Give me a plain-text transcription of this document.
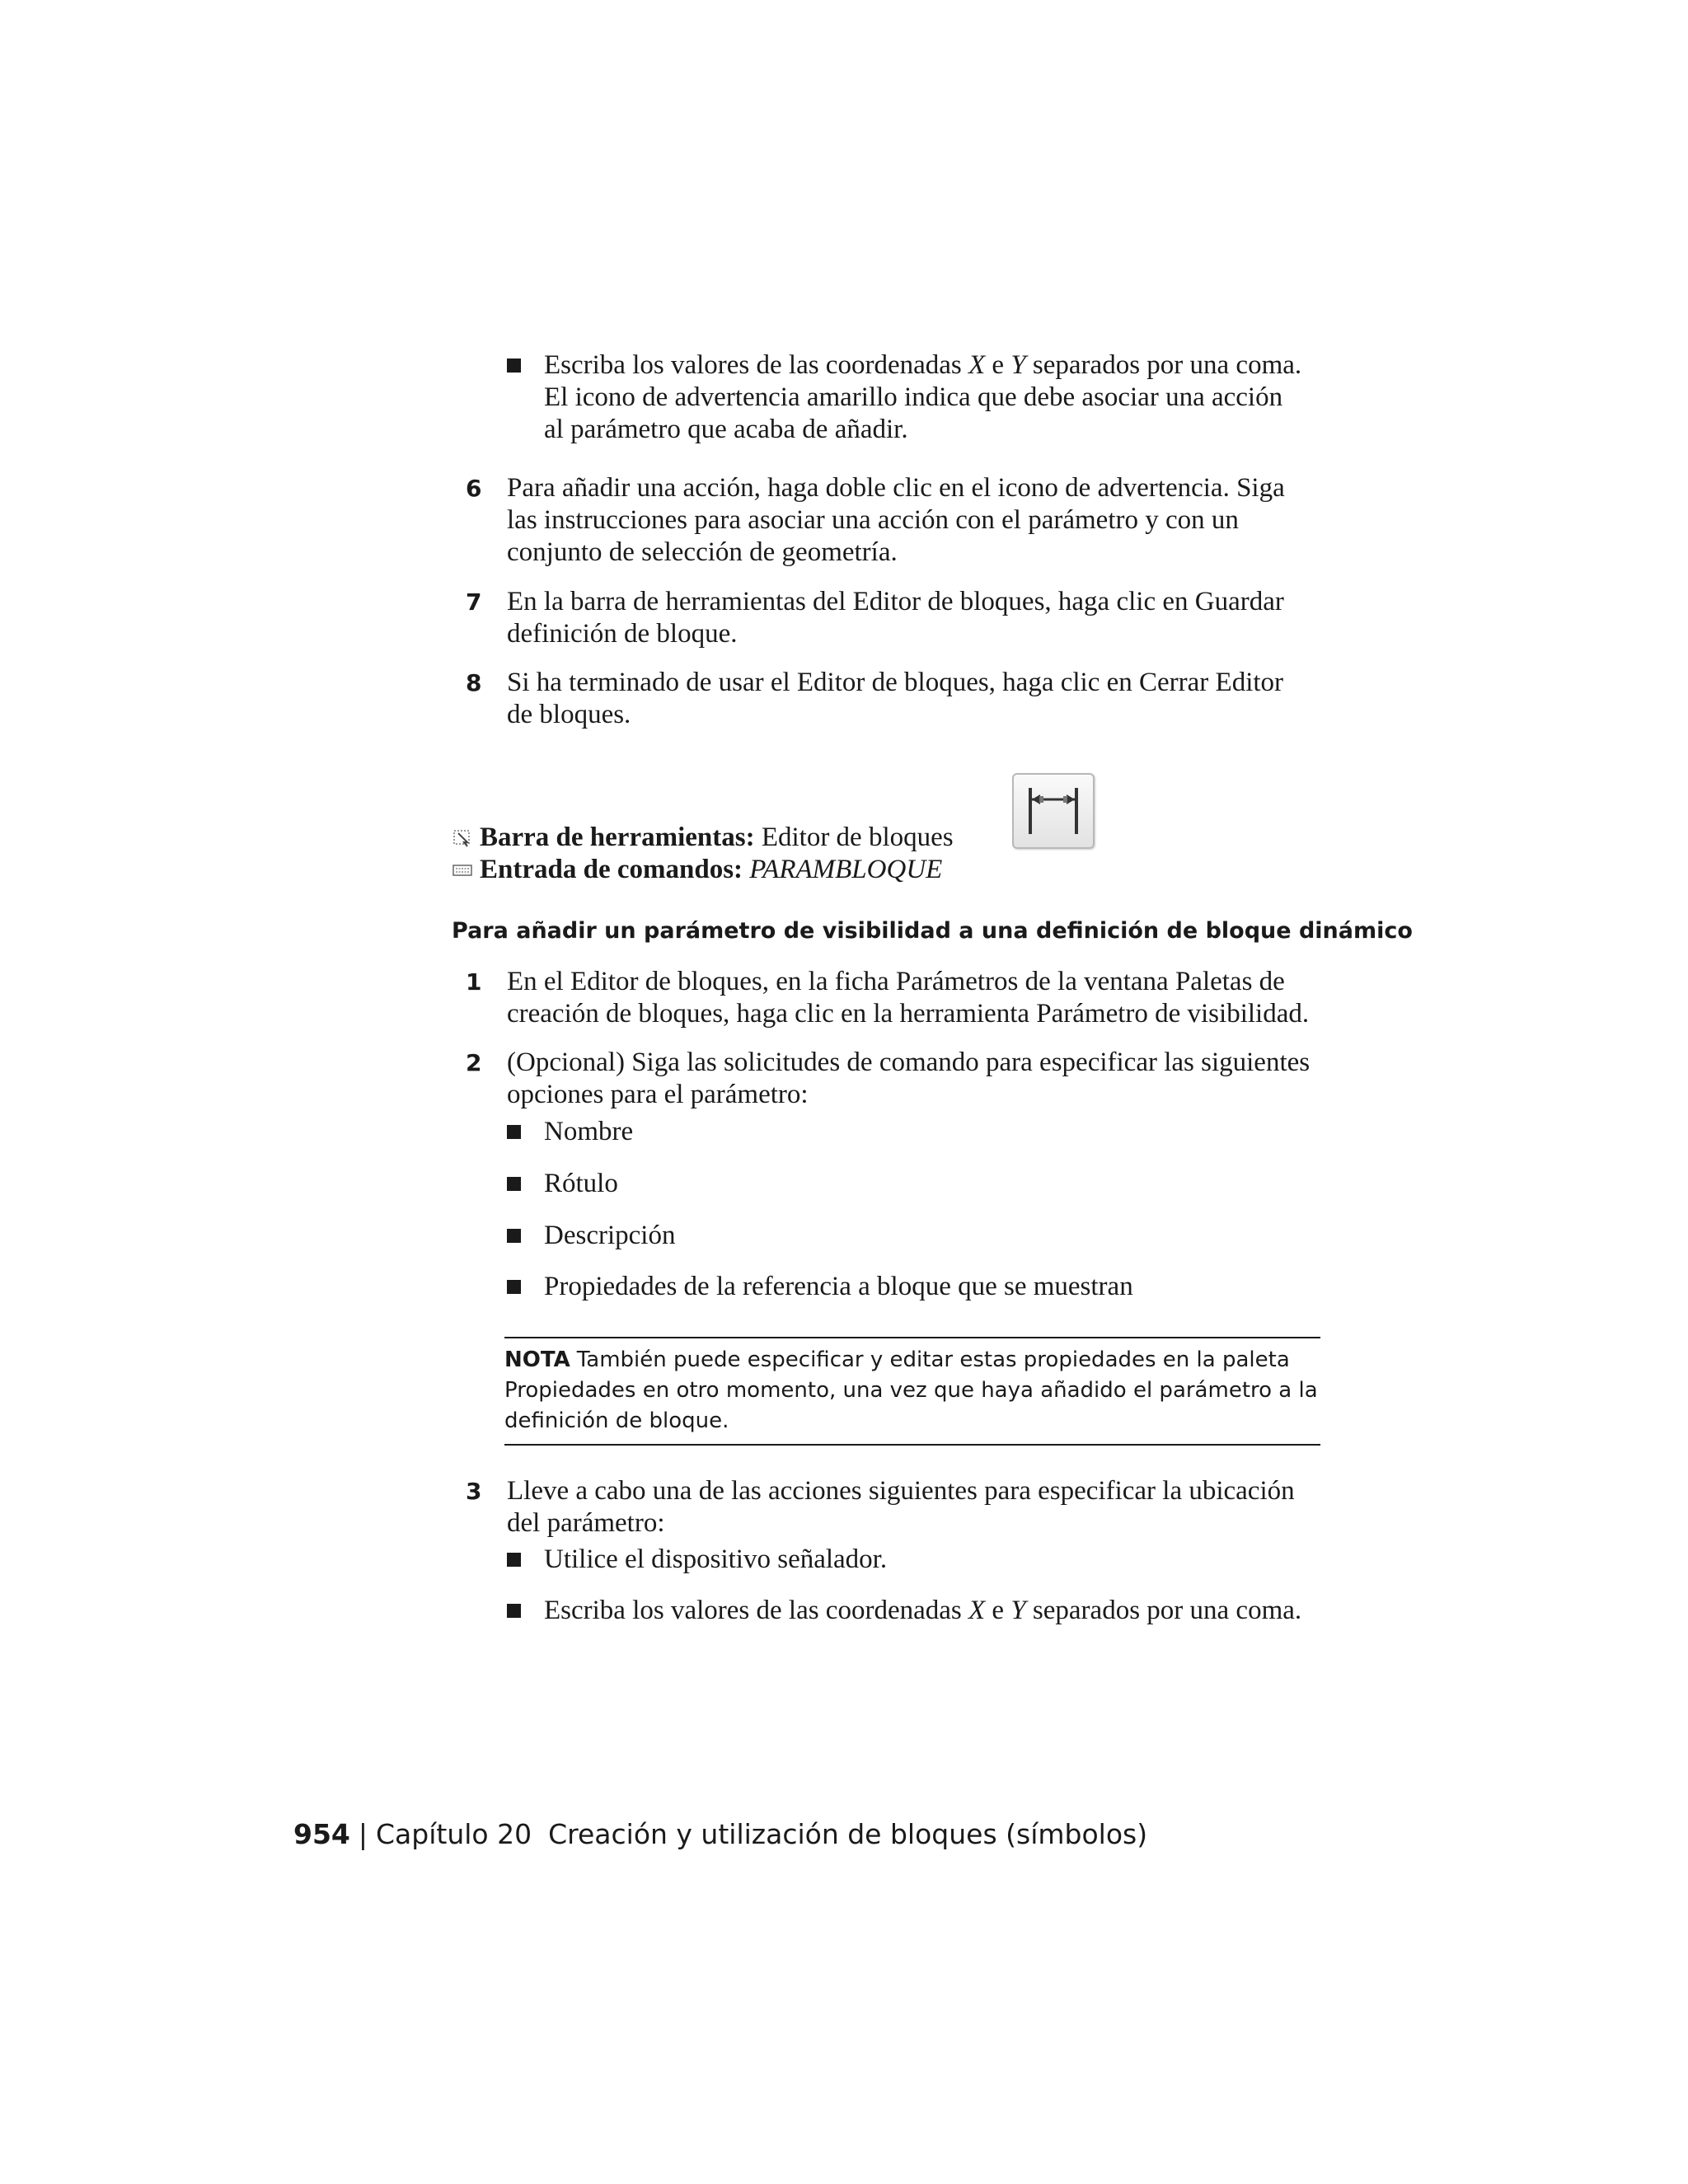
Escriba los valores de las coordenadas X e Y separados por una coma.
El icono de advertencia amarillo indica que debe asociar una acción
al parámetro que acaba de añadir.
6 Para añadir una acción, haga doble clic en el icono de advertencia. Siga
las instrucciones para asociar una acción con el parámetro y con un
conjunto de selección de geometría.
7 En la barra de herramientas del Editor de bloques, haga clic en Guardar
definición de bloque.
8 Si ha terminado de usar el Editor de bloques, haga clic en Cerrar Editor
de bloques.
Barra de herramientas: Editor de bloques
Entrada de comandos: PARAMBLOQUE
Para añadir un parámetro de visibilidad a una definición de bloque dinámico
1 En el Editor de bloques, en la ficha Parámetros de la ventana Paletas de
creación de bloques, haga clic en la herramienta Parámetro de visibilidad.
2 (Opcional) Siga las solicitudes de comando para especificar las siguientes
opciones para el parámetro:
Nombre
Rótulo
Descripción
Propiedades de la referencia a bloque que se muestran
NOTA También puede especificar y editar estas propiedades en la paleta
Propiedades en otro momento, una vez que haya añadido el parámetro a la
definición de bloque.
3 Lleve a cabo una de las acciones siguientes para especificar la ubicación
del parámetro:
Utilice el dispositivo señalador.
Escriba los valores de las coordenadas X e Y separados por una coma.
954 | Capítulo 20 Creación y utilización de bloques (símbolos)
